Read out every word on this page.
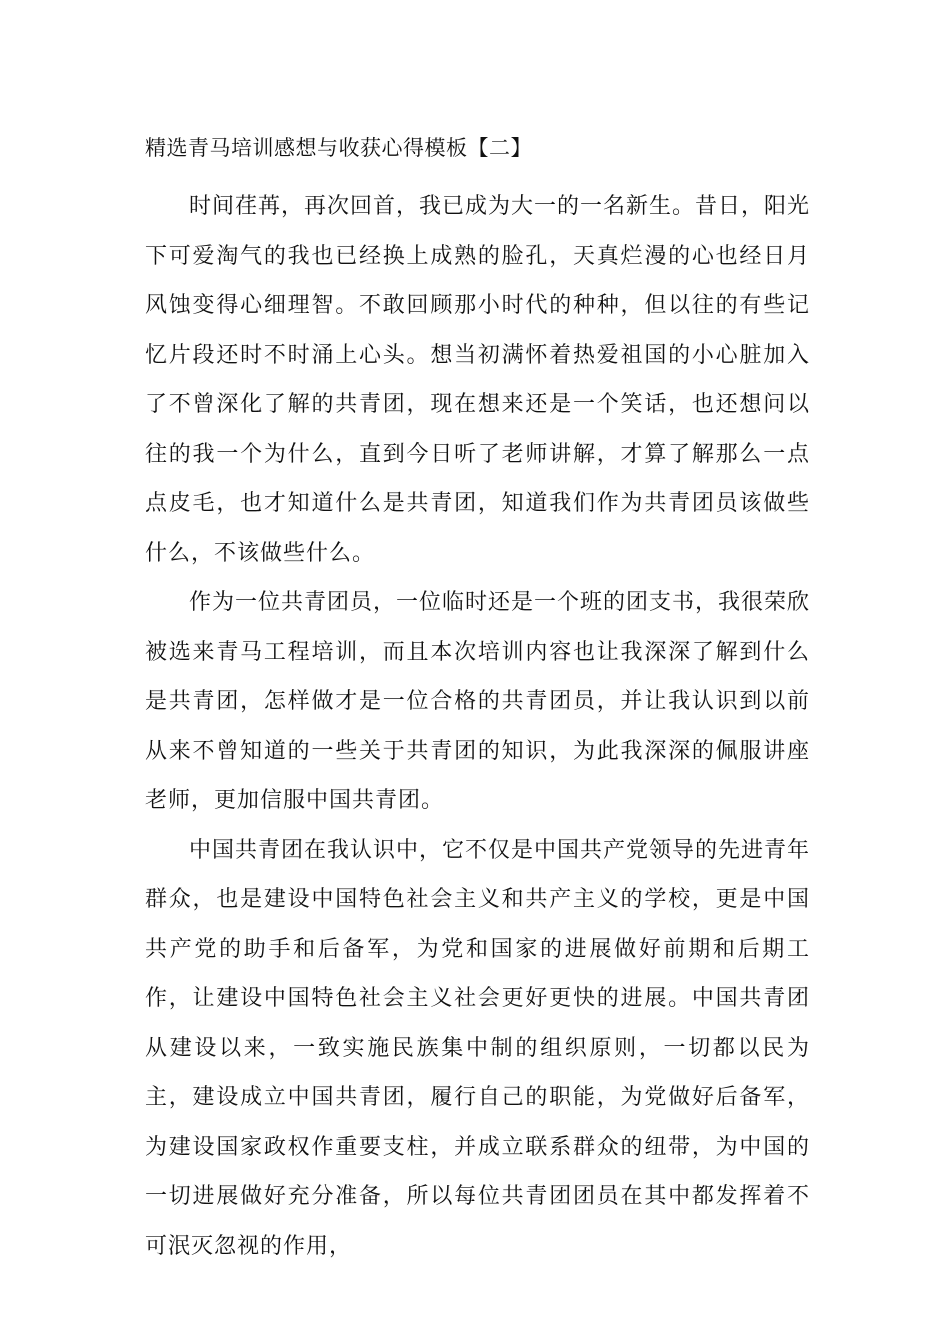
精选青马培训感想与收获心得模板【二】

时间荏苒，再次回首，我已成为大一的一名新生。昔日，阳光下可爱淘气的我也已经换上成熟的脸孔，天真烂漫的心也经日月风蚀变得心细理智。不敢回顾那小时代的种种，但以往的有些记忆片段还时不时涌上心头。想当初满怀着热爱祖国的小心脏加入了不曾深化了解的共青团，现在想来还是一个笑话，也还想问以往的我一个为什么，直到今日听了老师讲解，才算了解那么一点点皮毛，也才知道什么是共青团，知道我们作为共青团员该做些什么，不该做些什么。

作为一位共青团员，一位临时还是一个班的团支书，我很荣欣被选来青马工程培训，而且本次培训内容也让我深深了解到什么是共青团，怎样做才是一位合格的共青团员，并让我认识到以前从来不曾知道的一些关于共青团的知识，为此我深深的佩服讲座老师，更加信服中国共青团。

中国共青团在我认识中，它不仅是中国共产党领导的先进青年群众，也是建设中国特色社会主义和共产主义的学校，更是中国共产党的助手和后备军，为党和国家的进展做好前期和后期工作，让建设中国特色社会主义社会更好更快的进展。中国共青团从建设以来，一致实施民族集中制的组织原则，一切都以民为主，建设成立中国共青团，履行自己的职能，为党做好后备军，为建设国家政权作重要支柱，并成立联系群众的纽带，为中国的一切进展做好充分准备，所以每位共青团团员在其中都发挥着不可泯灭忽视的作用，
